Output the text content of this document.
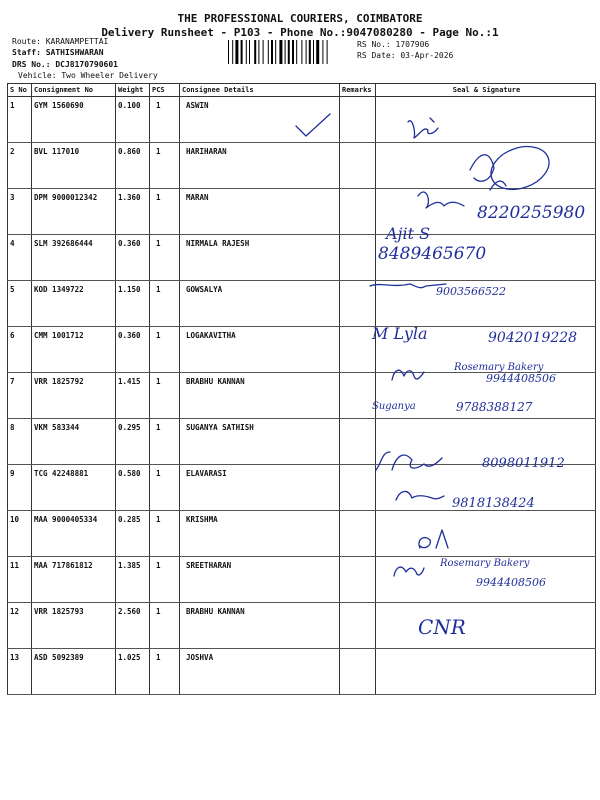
THE PROFESSIONAL COURIERS, COIMBATORE
Delivery Runsheet - P103 - Phone No.:9047080280 - Page No.:1
Route: KARANAMPETTAI
Staff: SATHISHWARAN
DRS No.: DCJ8170790601
Vehicle: Two Wheeler Delivery
RS No.: 1707906
RS Date: 03-Apr-2026
S No	Consignment No	Weight	PCS	Consignee Details	Remarks	Seal & Signature
1	GYM 1560690	0.100	1	ASWIN		
2	BVL 117010	0.860	1	HARIHARAN		
3	DPM 9000012342	1.360	1	MARAN		
4	SLM 392686444	0.360	1	NIRMALA RAJESH		
5	KOD 1349722	1.150	1	GOWSALYA		
6	CMM 1001712	0.360	1	LOGAKAVITHA		
7	VRR 1825792	1.415	1	BRABHU KANNAN		
8	VKM 583344	0.295	1	SUGANYA SATHISH		
9	TCG 42248881	0.580	1	ELAVARASI		
10	MAA 9000405334	0.285	1	KRISHMA		
11	MAA 717861812	1.385	1	SREETHARAN		
12	VRR 1825793	2.560	1	BRABHU KANNAN		
13	ASD 5092389	1.025	1	JOSHVA		
8220255980
Ajit S
8489465670
9003566522
M Lyla	9042019228
Rosemary Bakery
9944408506
Suganya	9788388127
8098011912
9818138424
Rosemary Bakery
9944408506
CNR
